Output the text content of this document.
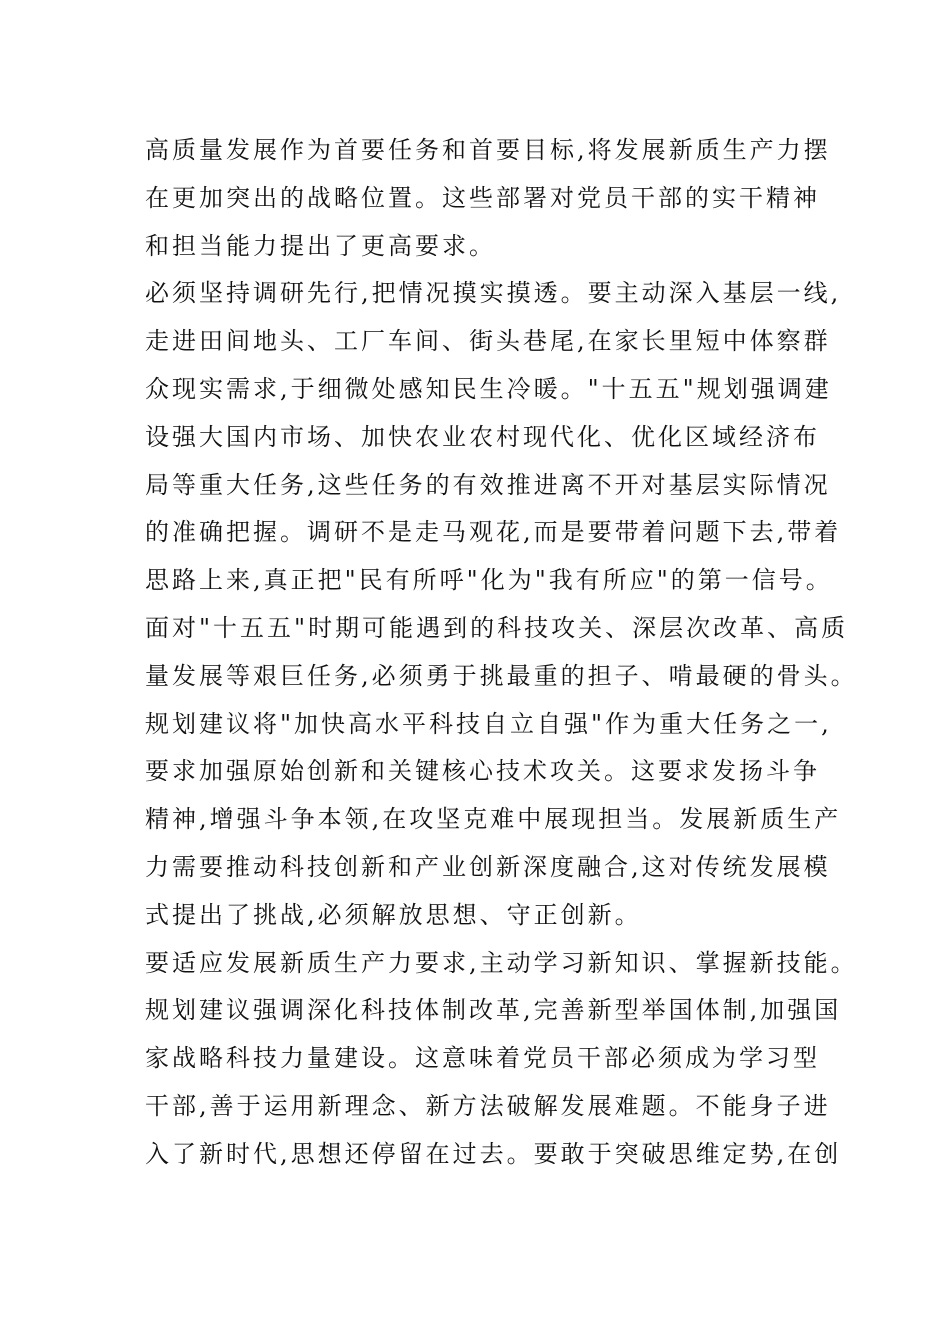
高质量发展作为首要任务和首要目标,将发展新质生产力摆
在更加突出的战略位置。这些部署对党员干部的实干精神
和担当能力提出了更高要求。
必须坚持调研先行,把情况摸实摸透。要主动深入基层一线,
走进田间地头、工厂车间、街头巷尾,在家长里短中体察群
众现实需求,于细微处感知民生冷暖。"十五五"规划强调建
设强大国内市场、加快农业农村现代化、优化区域经济布
局等重大任务,这些任务的有效推进离不开对基层实际情况
的准确把握。调研不是走马观花,而是要带着问题下去,带着
思路上来,真正把"民有所呼"化为"我有所应"的第一信号。
面对"十五五"时期可能遇到的科技攻关、深层次改革、高质
量发展等艰巨任务,必须勇于挑最重的担子、啃最硬的骨头。
规划建议将"加快高水平科技自立自强"作为重大任务之一,
要求加强原始创新和关键核心技术攻关。这要求发扬斗争
精神,增强斗争本领,在攻坚克难中展现担当。发展新质生产
力需要推动科技创新和产业创新深度融合,这对传统发展模
式提出了挑战,必须解放思想、守正创新。
要适应发展新质生产力要求,主动学习新知识、掌握新技能。
规划建议强调深化科技体制改革,完善新型举国体制,加强国
家战略科技力量建设。这意味着党员干部必须成为学习型
干部,善于运用新理念、新方法破解发展难题。不能身子进
入了新时代,思想还停留在过去。要敢于突破思维定势,在创
